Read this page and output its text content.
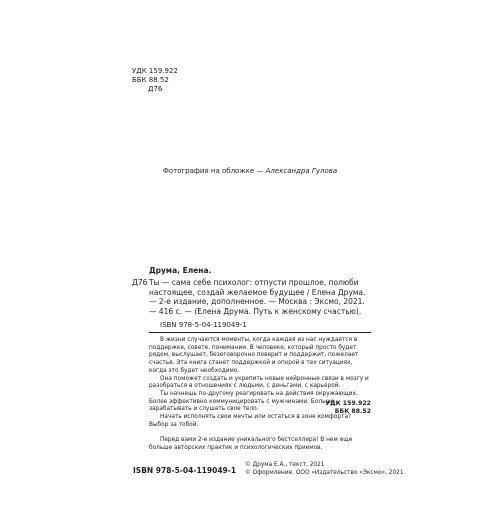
УДК 159.922
ББК 88.52
Д76
Фотография на обложке — Александра Гулова
Друма, Елена.
Д76 Ты — сама себе психолог: отпусти прошлое, полюби настоящее, создай желаемое будущее / Елена Друма. — 2-е издание, дополненное. — Москва : Эксмо, 2021. — 416 с. — (Елена Друма. Путь к женскому счастью).
ISBN 978-5-04-119049-1

В жизни случаются моменты, когда каждая из нас нуждается в поддержке, совете, понимании. В человеке, который просто будет рядом, выслушает, безоговорочно поверит и поддержит, пожелает счастья. Эта книга станет поддержкой и опорой в тех ситуациях, когда это будет необходимо.

Она поможет создать и укрепить новые нейронные связи в мозгу и разобраться в отношениях с людьми, с деньгами, с карьерой.

Ты начнешь по-другому реагировать на действия окружающих. Более эффективно коммуницировать с мужчинами. Больше зарабатывать и слушать свое тело.

Начать исполнять свои мечты или остаться в зоне комфорта? Выбор за тобой.

Перед вами 2-е издание уникального бестселлера! В нем еще больше авторских практик и психологических приемов.

УДК 159.922
ББК 88.52
ISBN 978-5-04-119049-1
© Друма Е.А., текст, 2021
© Оформление. ООО «Издательство «Эксмо», 2021
